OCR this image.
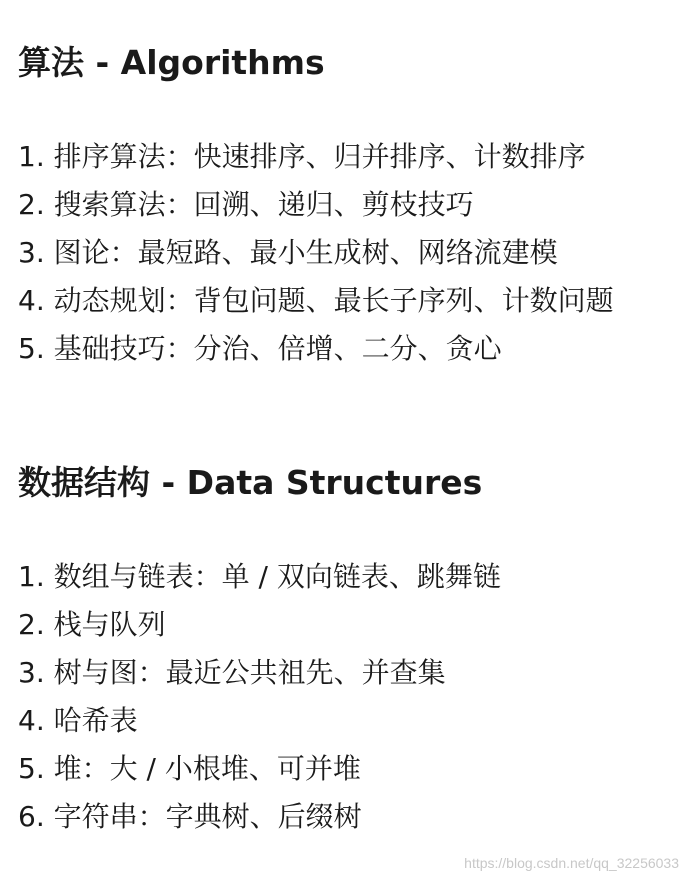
算法 - Algorithms
1. 排序算法：快速排序、归并排序、计数排序
2. 搜索算法：回溯、递归、剪枝技巧
3. 图论：最短路、最小生成树、网络流建模
4. 动态规划：背包问题、最长子序列、计数问题
5. 基础技巧：分治、倍增、二分、贪心
数据结构 - Data Structures
1. 数组与链表：单 / 双向链表、跳舞链
2. 栈与队列
3. 树与图：最近公共祖先、并查集
4. 哈希表
5. 堆：大 / 小根堆、可并堆
6. 字符串：字典树、后缀树
https://blog.csdn.net/qq_32256033
